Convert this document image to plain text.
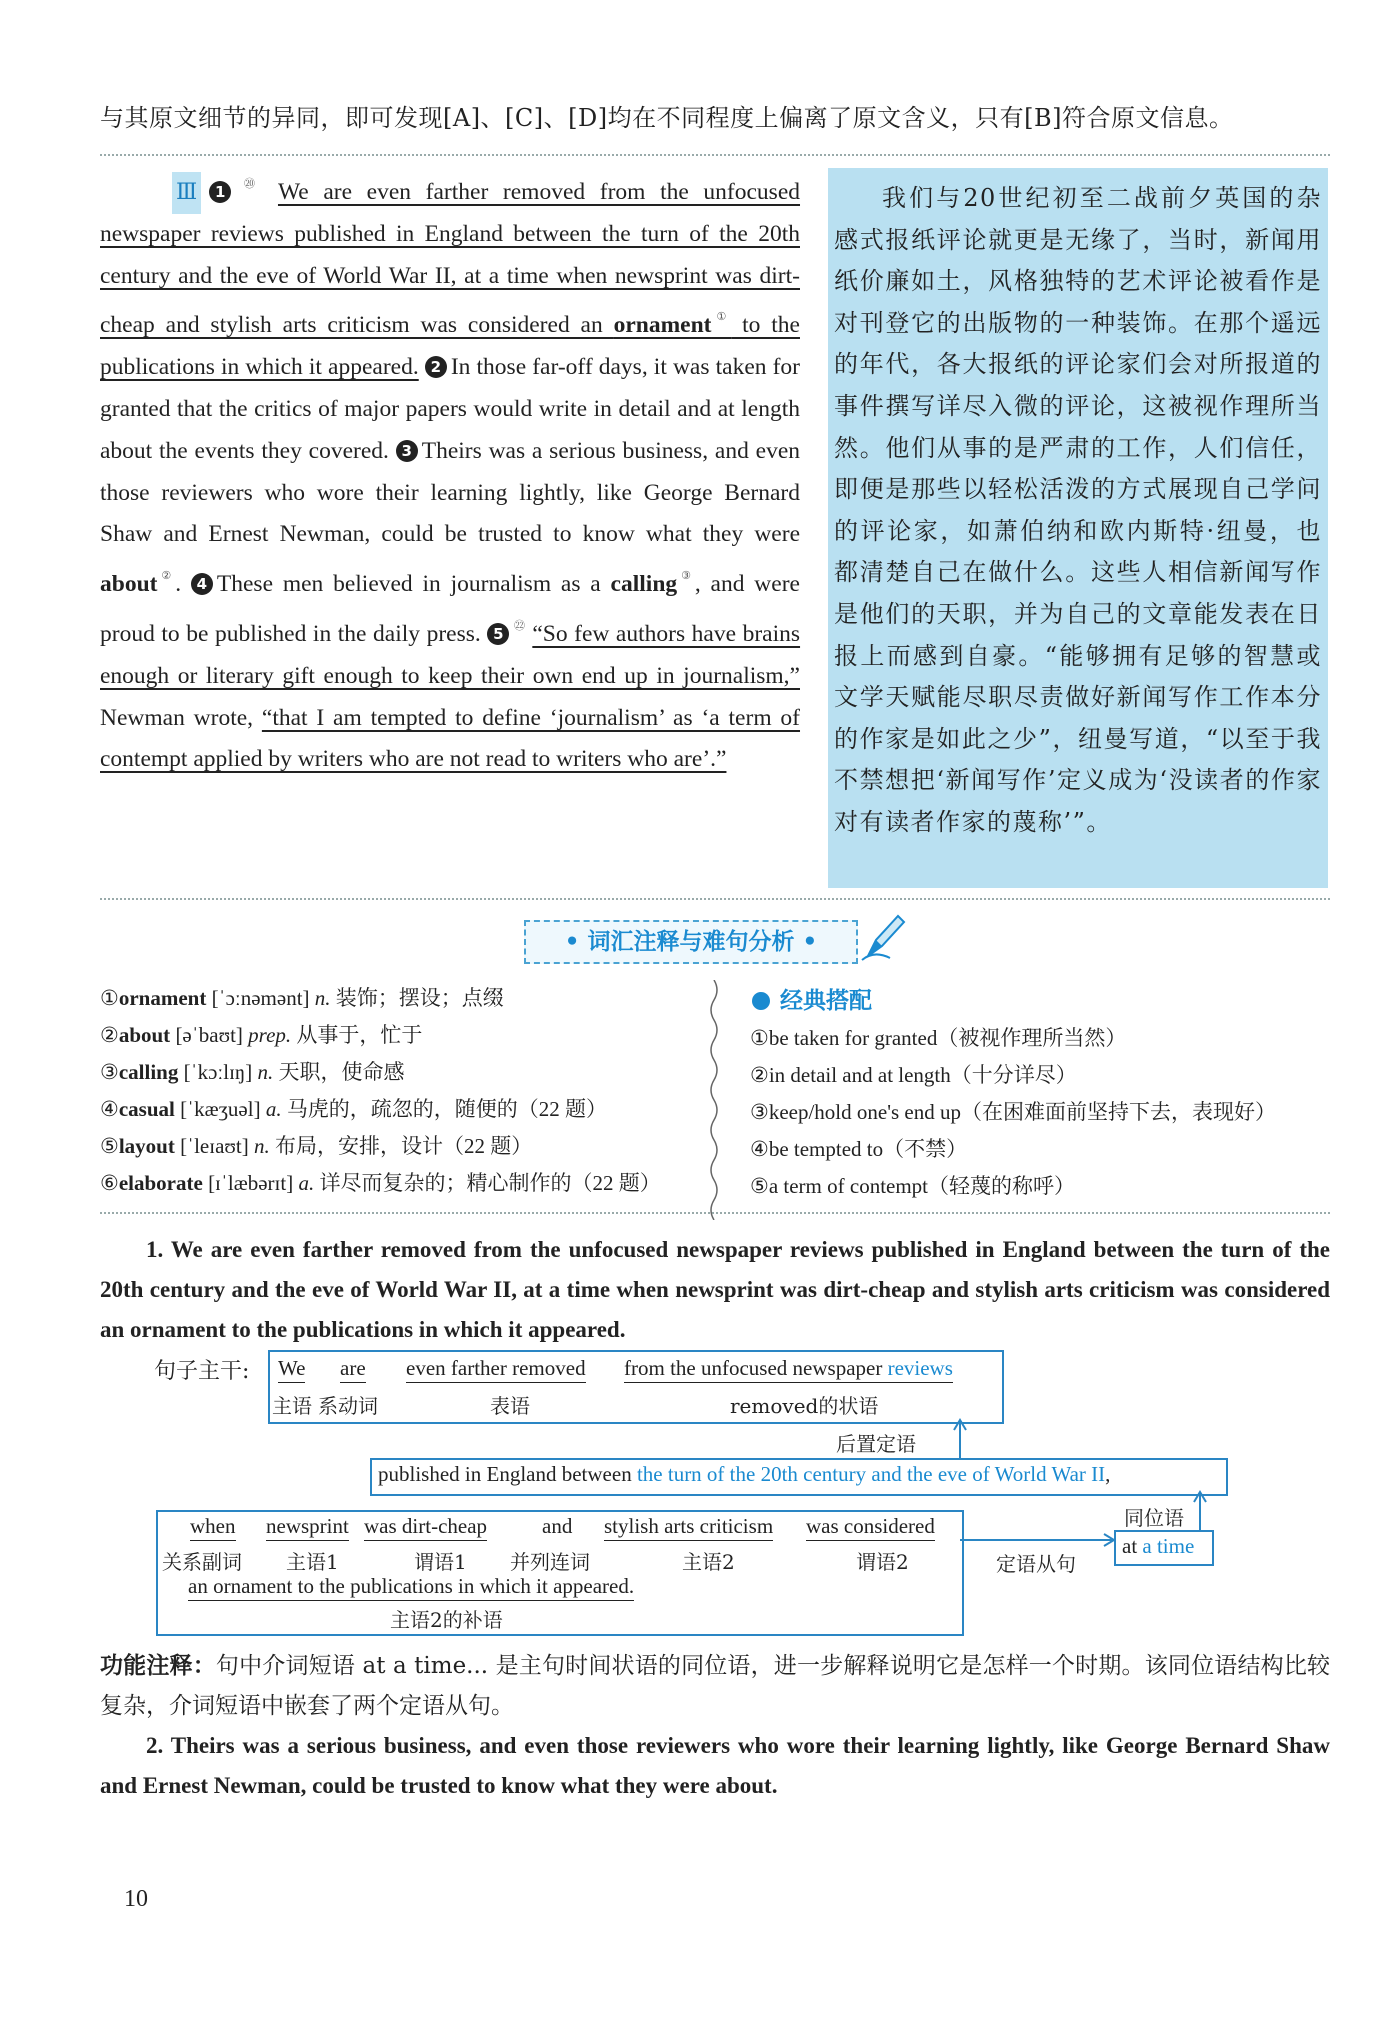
与其原文细节的异同，即可发现[A]、[C]、[D]均在不同程度上偏离了原文含义，只有[B]符合原文信息。
Ⅲ 1 ⑳ We are even farther removed from the unfocused newspaper reviews published in England between the turn of the 20th century and the eve of World War II, at a time when newsprint was dirt-cheap and stylish arts criticism was considered an ornament① to the publications in which it appeared. 2 In those far-off days, it was taken for granted that the critics of major papers would write in detail and at length about the events they covered. 3 Theirs was a serious business, and even those reviewers who wore their learning lightly, like George Bernard Shaw and Ernest Newman, could be trusted to know what they were about②. 4 These men believed in journalism as a calling③, and were proud to be published in the daily press. 5 $^㉒$ “So few authors have brains enough or literary gift enough to keep their own end up in journalism,” Newman wrote, “that I am tempted to define ‘journalism’ as ‘a term of contempt applied by writers who are not read to writers who are’.”
我们与20世纪初至二战前夕英国的杂感式报纸评论就更是无缘了，当时，新闻用纸价廉如土，风格独特的艺术评论被看作是对刊登它的出版物的一种装饰。在那个遥远的年代，各大报纸的评论家们会对所报道的事件撰写详尽入微的评论，这被视作理所当然。他们从事的是严肃的工作，人们信任，即便是那些以轻松活泼的方式展现自己学问的评论家，如萧伯纳和欧内斯特·纽曼，也都清楚自己在做什么。这些人相信新闻写作是他们的天职，并为自己的文章能发表在日报上而感到自豪。“能够拥有足够的智慧或文学天赋能尽职尽责做好新闻写作工作本分的作家是如此之少”，纽曼写道，“以至于我不禁想把‘新闻写作’定义成为‘没读者的作家对有读者作家的蔑称’”。
• 词汇注释与难句分析 •
①ornament [ˈɔːnəmənt] n. 装饰；摆设；点缀
②about [əˈbaʊt] prep. 从事于，忙于
③calling [ˈkɔːlɪŋ] n. 天职，使命感
④casual [ˈkæʒuəl] a. 马虎的，疏忽的，随便的（22 题）
⑤layout [ˈleɪaʊt] n. 布局，安排，设计（22 题）
⑥elaborate [ɪˈlæbərɪt] a. 详尽而复杂的；精心制作的（22 题）
经典搭配
①be taken for granted（被视作理所当然）
②in detail and at length（十分详尽）
③keep/hold one's end up（在困难面前坚持下去，表现好）
④be tempted to（不禁）
⑤a term of contempt（轻蔑的称呼）
1. We are even farther removed from the unfocused newspaper reviews published in England between the turn of the 20th century and the eve of World War II, at a time when newsprint was dirt-cheap and stylish arts criticism was considered an ornament to the publications in which it appeared.
句子主干: We are even farther removed from the unfocused newspaper reviews
主语 系动词	表语	removed的状语
后置定语
published in England between the turn of the 20th century and the eve of World War II,
同位语
at a time
定语从句
when newsprint was dirt-cheap	and stylish arts criticism was considered
关系副词 主语1	谓语1 并列连词	主语2	谓语2
an ornament to the publications in which it appeared.
主语2的补语
功能注释：句中介词短语 at a time... 是主句时间状语的同位语，进一步解释说明它是怎样一个时期。该同位语结构比较复杂，介词短语中嵌套了两个定语从句。
2. Theirs was a serious business, and even those reviewers who wore their learning lightly, like George Bernard Shaw and Ernest Newman, could be trusted to know what they were about.
10
